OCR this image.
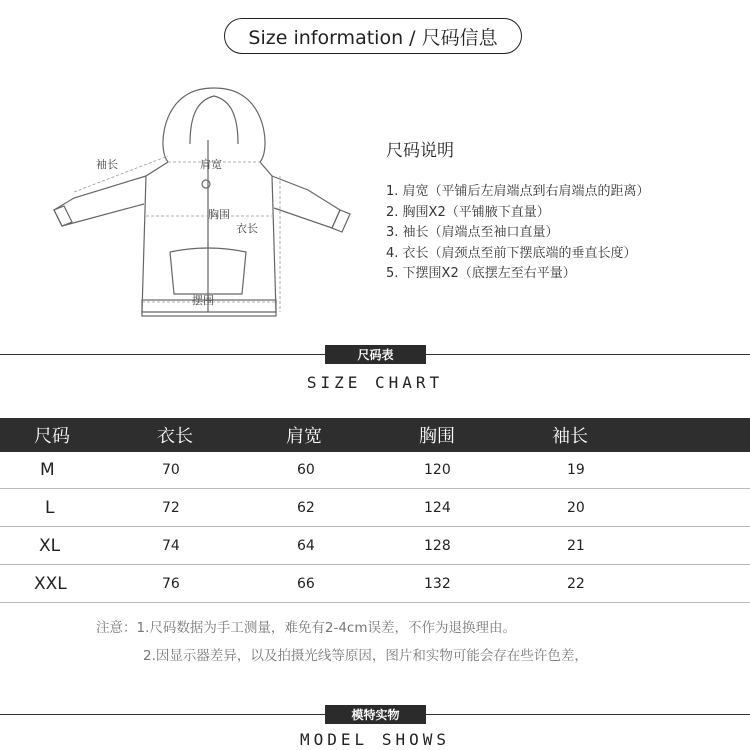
Size information / 尺码信息
袖长	肩宽
胸围
衣长
摆围
尺码说明
1. 肩宽（平铺后左肩端点到右肩端点的距离）
2. 胸围X2（平铺腋下直量）
3. 袖长（肩端点至袖口直量）
4. 衣长（肩颈点至前下摆底端的垂直长度）
5. 下摆围X2（底摆左至右平量）
尺码表
SIZE CHART
尺码	衣长	肩宽	胸围	袖长
M	70	60	120	19
L	72	62	124	20
XL	74	64	128	21
XXL	76	66	132	22
注意：1.尺码数据为手工测量，难免有2-4cm误差，不作为退换理由。
2.因显示器差异，以及拍摄光线等原因，图片和实物可能会存在些许色差，
模特实物
MODEL SHOWS
